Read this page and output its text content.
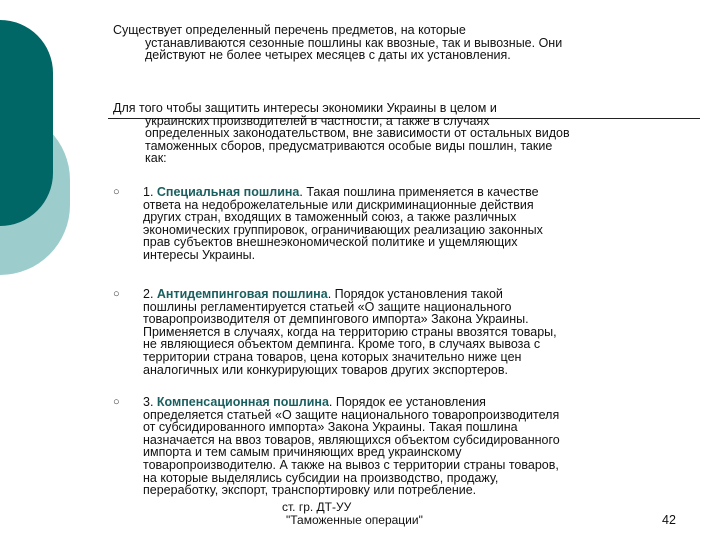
Существует определенный перечень предметов, на которые
устанавливаются сезонные пошлины как ввозные, так и вывозные. Они
действуют не более четырех месяцев с даты их установления.
Для того чтобы защитить интересы экономики Украины в целом и
украинских производителей в частности, а также в случаях
определенных законодательством, вне зависимости от остальных видов
таможенных сборов, предусматриваются особые виды пошлин, такие
как:
○ 1. Специальная пошлина. Такая пошлина применяется в качестве
ответа на недоброжелательные или дискриминационные действия
других стран, входящих в таможенный союз, а также различных
экономических группировок, ограничивающих реализацию законных
прав субъектов внешнеэкономической политике и ущемляющих
интересы Украины.
○ 2. Антидемпинговая пошлина. Порядок установления такой
пошлины регламентируется статьей «О защите национального
товаропроизводителя от демпингового импорта» Закона Украины.
Применяется в случаях, когда на территорию страны ввозятся товары,
не являющиеся объектом демпинга. Кроме того, в случаях вывоза с
территории страна товаров, цена которых значительно ниже цен
аналогичных или конкурирующих товаров других экспортеров.
○ 3. Компенсационная пошлина. Порядок ее установления
определяется статьей «О защите национального товаропроизводителя
от субсидированного импорта» Закона Украины. Такая пошлина
назначается на ввоз товаров, являющихся объектом субсидированного
импорта и тем самым причиняющих вред украинскому
товаропроизводителю. А также на вывоз с территории страны товаров,
на которые выделялись субсидии на производство, продажу,
переработку, экспорт, транспортировку или потребление.
ст. гр. ДТ-УУ
"Таможенные операции"	42
